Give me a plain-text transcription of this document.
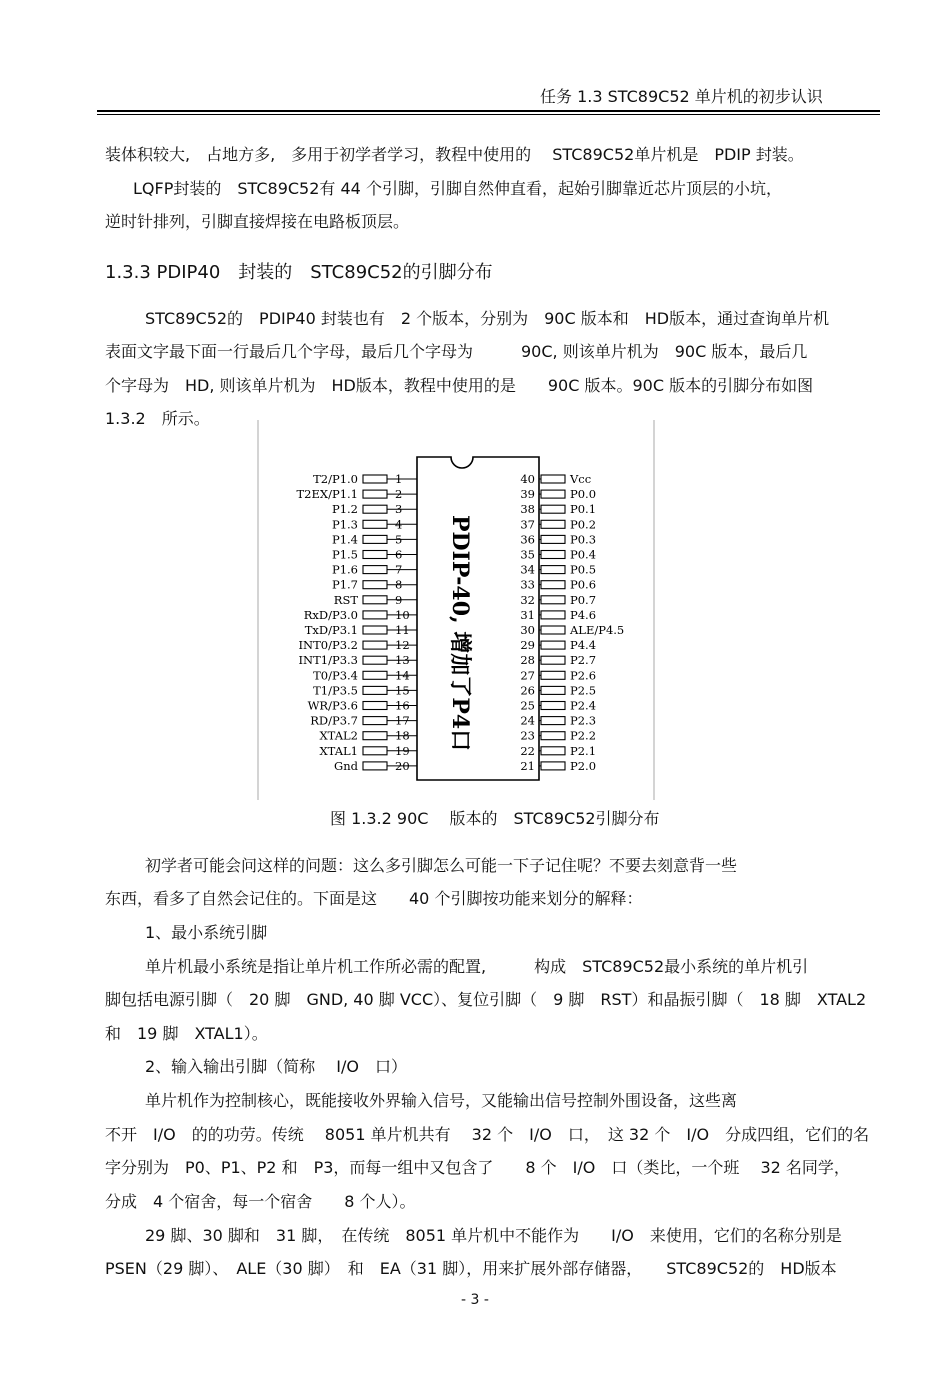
任务 1.3 STC89C52 单片机的初步认识
装体积较大,　占地方多,　多用于初学者学习，教程中使用的　 STC89C52单片机是　PDIP 封装。
LQFP封装的　STC89C52有 44 个引脚，引脚自然伸直看，起始引脚靠近芯片顶层的小坑，
逆时针排列，引脚直接焊接在电路板顶层。
1.3.3 PDIP40　封装的　STC89C52的引脚分布
STC89C52的　PDIP40 封装也有　2 个版本，分别为　90C 版本和　HD版本，通过查询单片机
表面文字最下面一行最后几个字母，最后几个字母为　　　90C, 则该单片机为　90C 版本，最后几
个字母为　HD, 则该单片机为　HD版本，教程中使用的是　　90C 版本。90C 版本的引脚分布如图
1.3.2　所示。
PDIP-40, 增加了P4口
T2/P1.0	1
T2EX/P1.1	2
P1.2	3
P1.3	4
P1.4	5
P1.5	6
P1.6	7
P1.7	8
RST	9
RxD/P3.0	10
TxD/P3.1	11
INT0/P3.2	12
INT1/P3.3	13
T0/P3.4	14
T1/P3.5	15
WR/P3.6	16
RD/P3.7	17
XTAL2	18
XTAL1	19
Gnd	20
40	Vcc
39	P0.0
38	P0.1
37	P0.2
36	P0.3
35	P0.4
34	P0.5
33	P0.6
32	P0.7
31	P4.6
30	ALE/P4.5
29	P4.4
28	P2.7
27	P2.6
26	P2.5
25	P2.4
24	P2.3
23	P2.2
22	P2.1
21	P2.0
图 1.3.2 90C　 版本的　STC89C52引脚分布
初学者可能会问这样的问题：这么多引脚怎么可能一下子记住呢？不要去刻意背一些
东西，看多了自然会记住的。下面是这　　40 个引脚按功能来划分的解释：
1、最小系统引脚
单片机最小系统是指让单片机工作所必需的配置,　　　构成　STC89C52最小系统的单片机引
脚包括电源引脚（　20 脚　GND, 40 脚 VCC）、复位引脚（　9 脚　RST）和晶振引脚（　18 脚　XTAL2
和　19 脚　XTAL1）。
2、输入输出引脚（简称　 I/O　口）
单片机作为控制核心，既能接收外界输入信号，又能输出信号控制外围设备，这些离
不开　I/O　的的功劳。传统　 8051 单片机共有　 32 个　I/O　口，　这 32 个　I/O　分成四组，它们的名
字分别为　P0、P1、P2 和　P3，而每一组中又包含了　　8 个　I/O　口（类比，一个班　 32 名同学，
分成　4 个宿舍，每一个宿舍　　8 个人）。
29 脚、30 脚和　31 脚，　在传统　8051 单片机中不能作为　　I/O　来使用，它们的名称分别是
PSEN（29 脚）、　ALE（30 脚）　和　EA（31 脚），用来扩展外部存储器，　　STC89C52的　HD版本
- 3 -
